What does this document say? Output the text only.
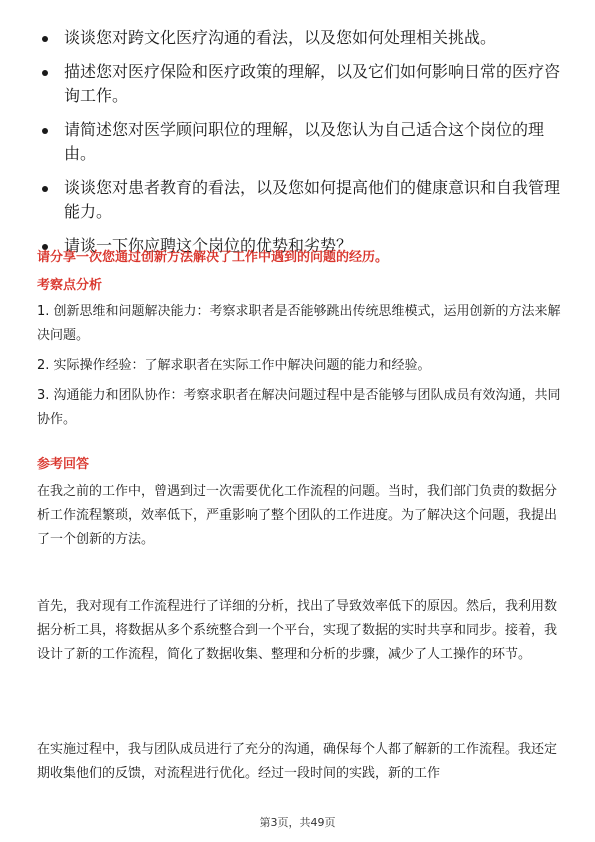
谈谈您对跨文化医疗沟通的看法，以及您如何处理相关挑战。
描述您对医疗保险和医疗政策的理解，以及它们如何影响日常的医疗咨询工作。
请简述您对医学顾问职位的理解，以及您认为自己适合这个岗位的理由。
谈谈您对患者教育的看法，以及您如何提高他们的健康意识和自我管理能力。
请谈一下你应聘这个岗位的优势和劣势？
请分享一次您通过创新方法解决了工作中遇到的问题的经历。
考察点分析
1. 创新思维和问题解决能力：考察求职者是否能够跳出传统思维模式，运用创新的方法来解决问题。
2. 实际操作经验：了解求职者在实际工作中解决问题的能力和经验。
3. 沟通能力和团队协作：考察求职者在解决问题过程中是否能够与团队成员有效沟通，共同协作。
参考回答

在我之前的工作中，曾遇到过一次需要优化工作流程的问题。当时，我们部门负责的数据分析工作流程繁琐，效率低下，严重影响了整个团队的工作进度。为了解决这个问题，我提出了一个创新的方法。

首先，我对现有工作流程进行了详细的分析，找出了导致效率低下的原因。然后，我利用数据分析工具，将数据从多个系统整合到一个平台，实现了数据的实时共享和同步。接着，我设计了新的工作流程，简化了数据收集、整理和分析的步骤，减少了人工操作的环节。

在实施过程中，我与团队成员进行了充分的沟通，确保每个人都了解新的工作流程。我还定期收集他们的反馈，对流程进行优化。经过一段时间的实践，新的工作

第3页，共49页
